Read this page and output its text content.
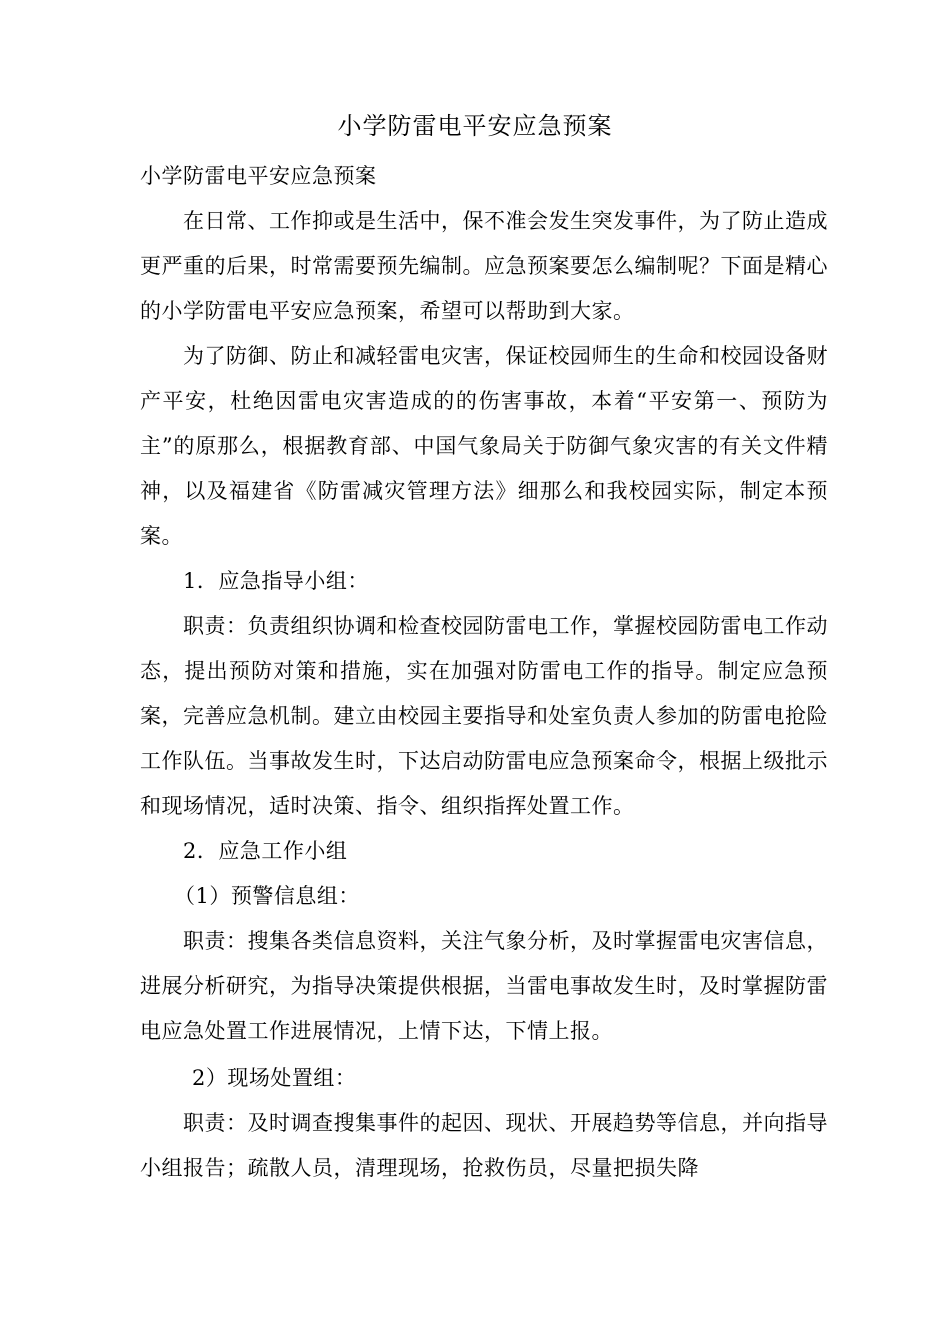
小学防雷电平安应急预案

小学防雷电平安应急预案

在日常、工作抑或是生活中，保不准会发生突发事件，为了防止造成更严重的后果，时常需要预先编制。应急预案要怎么编制呢？下面是精心的小学防雷电平安应急预案，希望可以帮助到大家。

为了防御、防止和减轻雷电灾害，保证校园师生的生命和校园设备财产平安，杜绝因雷电灾害造成的的伤害事故，本着“平安第一、预防为主”的原那么，根据教育部、中国气象局关于防御气象灾害的有关文件精神，以及福建省《防雷减灾管理方法》细那么和我校园实际，制定本预案。

1．应急指导小组：

职责：负责组织协调和检查校园防雷电工作，掌握校园防雷电工作动态，提出预防对策和措施，实在加强对防雷电工作的指导。制定应急预案，完善应急机制。建立由校园主要指导和处室负责人参加的防雷电抢险工作队伍。当事故发生时，下达启动防雷电应急预案命令，根据上级批示和现场情况，适时决策、指令、组织指挥处置工作。

2．应急工作小组

（1）预警信息组：

职责：搜集各类信息资料，关注气象分析，及时掌握雷电灾害信息，进展分析研究，为指导决策提供根据，当雷电事故发生时，及时掌握防雷电应急处置工作进展情况，上情下达，下情上报。

2）现场处置组：

职责：及时调查搜集事件的起因、现状、开展趋势等信息，并向指导小组报告；疏散人员，清理现场，抢救伤员，尽量把损失降
